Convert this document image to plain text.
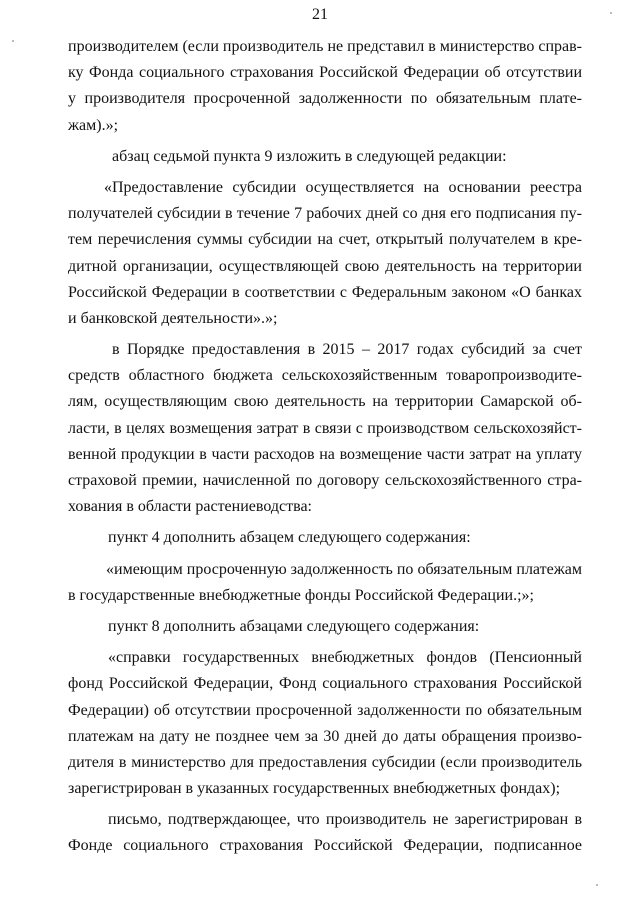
21
производителем (если производитель не представил в министерство справ-
ку Фонда социального страхования Российской Федерации об отсутствии
у производителя просроченной задолженности по обязательным плате-
жам).»;
абзац седьмой пункта 9 изложить в следующей редакции:
«Предоставление субсидии осуществляется на основании реестра
получателей субсидии в течение 7 рабочих дней со дня его подписания пу-
тем перечисления суммы субсидии на счет, открытый получателем в кре-
дитной организации, осуществляющей свою деятельность на территории
Российской Федерации в соответствии с Федеральным законом «О банках
и банковской деятельности».»;
в Порядке предоставления в 2015 – 2017 годах субсидий за счет
средств областного бюджета сельскохозяйственным товаропроизводите-
лям, осуществляющим свою деятельность на территории Самарской об-
ласти, в целях возмещения затрат в связи с производством сельскохозяйст-
венной продукции в части расходов на возмещение части затрат на уплату
страховой премии, начисленной по договору сельскохозяйственного стра-
хования в области растениеводства:
пункт 4 дополнить абзацем следующего содержания:
«имеющим просроченную задолженность по обязательным платежам
в государственные внебюджетные фонды Российской Федерации.;»;
пункт 8 дополнить абзацами следующего содержания:
«справки государственных внебюджетных фондов (Пенсионный
фонд Российской Федерации, Фонд социального страхования Российской
Федерации) об отсутствии просроченной задолженности по обязательным
платежам на дату не позднее чем за 30 дней до даты обращения произво-
дителя в министерство для предоставления субсидии (если производитель
зарегистрирован в указанных государственных внебюджетных фондах);
письмо, подтверждающее, что производитель не зарегистрирован в
Фонде социального страхования Российской Федерации, подписанное
